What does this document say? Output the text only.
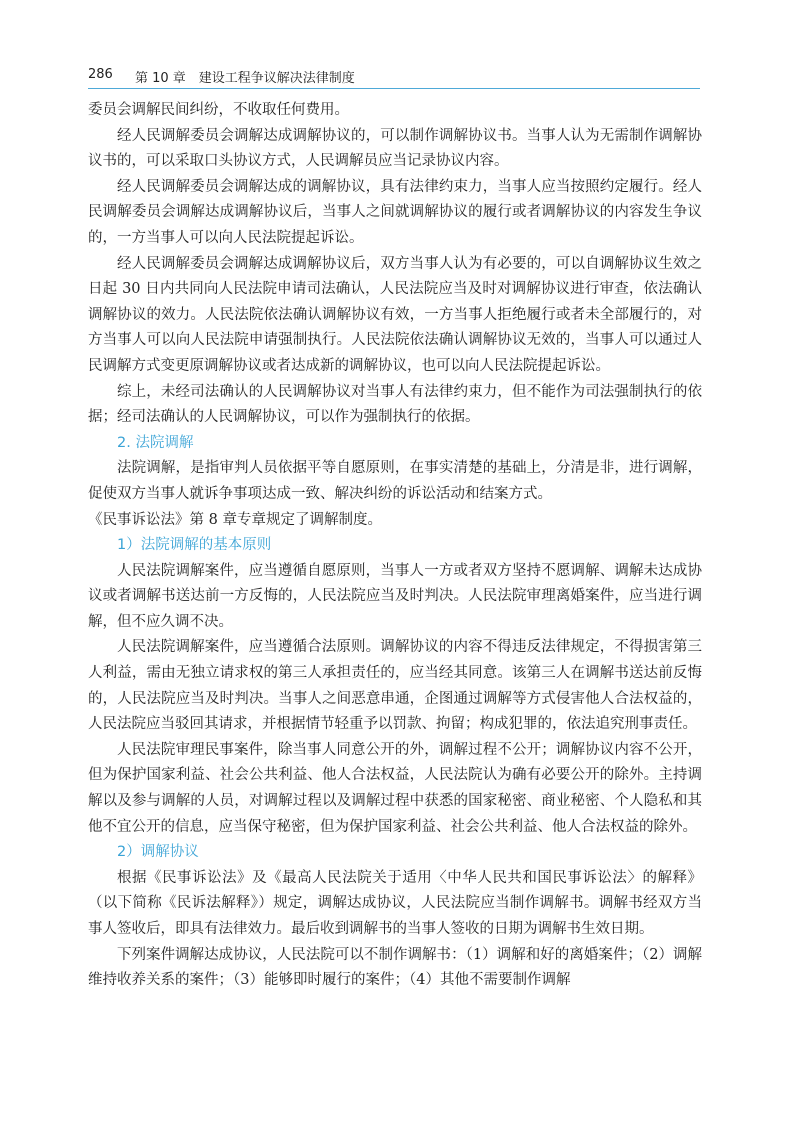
286 第 10 章　建设工程争议解决法律制度

委员会调解民间纠纷，不收取任何费用。

经人民调解委员会调解达成调解协议的，可以制作调解协议书。当事人认为无需制作调解协议书的，可以采取口头协议方式，人民调解员应当记录协议内容。

经人民调解委员会调解达成的调解协议，具有法律约束力，当事人应当按照约定履行。经人民调解委员会调解达成调解协议后，当事人之间就调解协议的履行或者调解协议的内容发生争议的，一方当事人可以向人民法院提起诉讼。

经人民调解委员会调解达成调解协议后，双方当事人认为有必要的，可以自调解协议生效之日起 30 日内共同向人民法院申请司法确认，人民法院应当及时对调解协议进行审查，依法确认调解协议的效力。人民法院依法确认调解协议有效，一方当事人拒绝履行或者未全部履行的，对方当事人可以向人民法院申请强制执行。人民法院依法确认调解协议无效的，当事人可以通过人民调解方式变更原调解协议或者达成新的调解协议，也可以向人民法院提起诉讼。

综上，未经司法确认的人民调解协议对当事人有法律约束力，但不能作为司法强制执行的依据；经司法确认的人民调解协议，可以作为强制执行的依据。

2. 法院调解

法院调解，是指审判人员依据平等自愿原则，在事实清楚的基础上，分清是非，进行调解，促使双方当事人就诉争事项达成一致、解决纠纷的诉讼活动和结案方式。

《民事诉讼法》第 8 章专章规定了调解制度。

1）法院调解的基本原则

人民法院调解案件，应当遵循自愿原则，当事人一方或者双方坚持不愿调解、调解未达成协议或者调解书送达前一方反悔的，人民法院应当及时判决。人民法院审理离婚案件，应当进行调解，但不应久调不决。

人民法院调解案件，应当遵循合法原则。调解协议的内容不得违反法律规定，不得损害第三人利益，需由无独立请求权的第三人承担责任的，应当经其同意。该第三人在调解书送达前反悔的，人民法院应当及时判决。当事人之间恶意串通，企图通过调解等方式侵害他人合法权益的，人民法院应当驳回其请求，并根据情节轻重予以罚款、拘留；构成犯罪的，依法追究刑事责任。

人民法院审理民事案件，除当事人同意公开的外，调解过程不公开；调解协议内容不公开，但为保护国家利益、社会公共利益、他人合法权益，人民法院认为确有必要公开的除外。主持调解以及参与调解的人员，对调解过程以及调解过程中获悉的国家秘密、商业秘密、个人隐私和其他不宜公开的信息，应当保守秘密，但为保护国家利益、社会公共利益、他人合法权益的除外。

2）调解协议

根据《民事诉讼法》及《最高人民法院关于适用〈中华人民共和国民事诉讼法〉的解释》（以下简称《民诉法解释》）规定，调解达成协议，人民法院应当制作调解书。调解书经双方当事人签收后，即具有法律效力。最后收到调解书的当事人签收的日期为调解书生效日期。

下列案件调解达成协议，人民法院可以不制作调解书：（1）调解和好的离婚案件；（2）调解维持收养关系的案件；（3）能够即时履行的案件；（4）其他不需要制作调解
